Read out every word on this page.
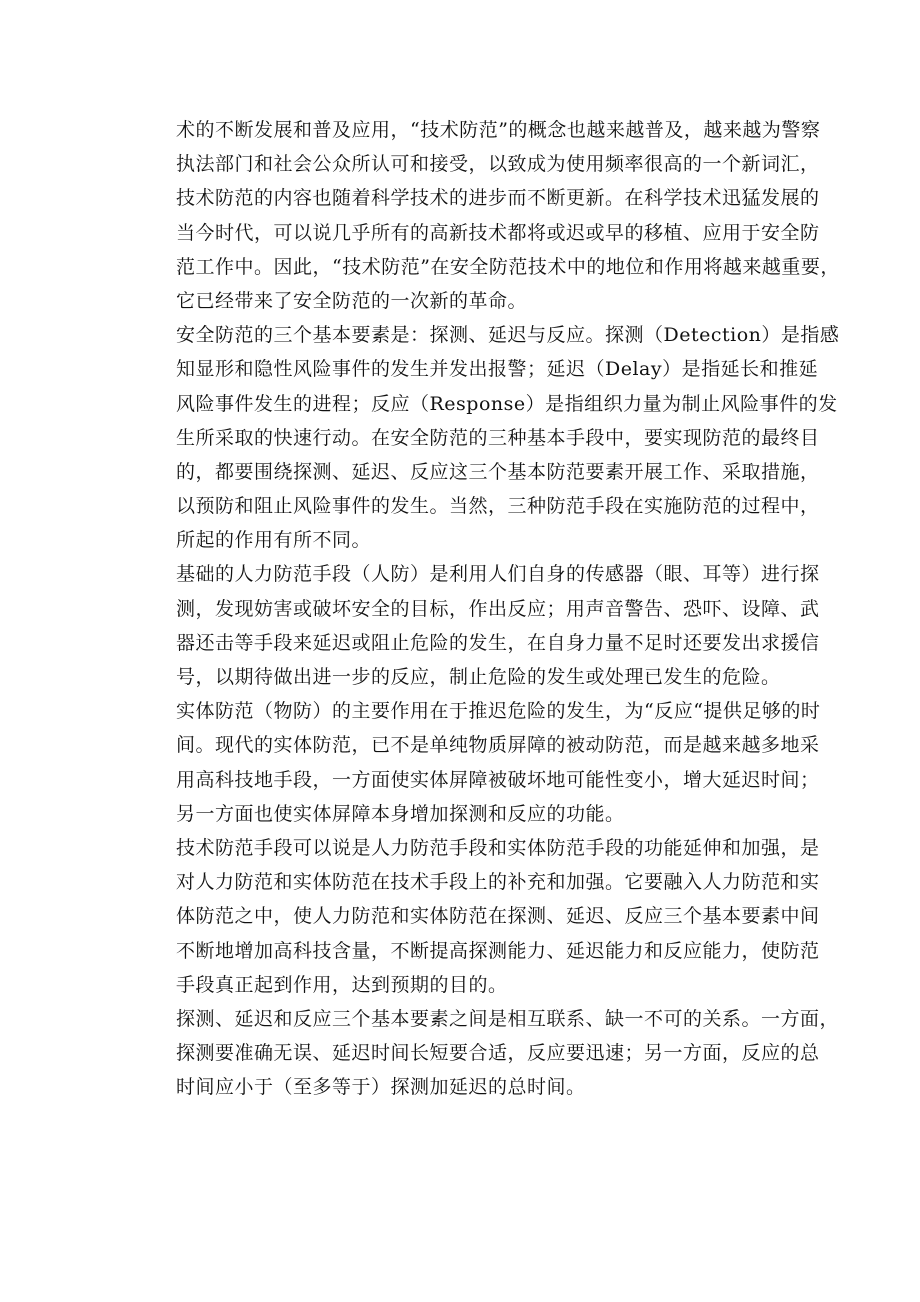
术的不断发展和普及应用，“技术防范”的概念也越来越普及，越来越为警察
执法部门和社会公众所认可和接受，以致成为使用频率很高的一个新词汇，
技术防范的内容也随着科学技术的进步而不断更新。在科学技术迅猛发展的
当今时代，可以说几乎所有的高新技术都将或迟或早的移植、应用于安全防
范工作中。因此，“技术防范”在安全防范技术中的地位和作用将越来越重要，
它已经带来了安全防范的一次新的革命。
安全防范的三个基本要素是：探测、延迟与反应。探测（Detection）是指感
知显形和隐性风险事件的发生并发出报警；延迟（Delay）是指延长和推延
风险事件发生的进程；反应（Response）是指组织力量为制止风险事件的发
生所采取的快速行动。在安全防范的三种基本手段中，要实现防范的最终目
的，都要围绕探测、延迟、反应这三个基本防范要素开展工作、采取措施，
以预防和阻止风险事件的发生。当然，三种防范手段在实施防范的过程中，
所起的作用有所不同。
基础的人力防范手段（人防）是利用人们自身的传感器（眼、耳等）进行探
测，发现妨害或破坏安全的目标，作出反应；用声音警告、恐吓、设障、武
器还击等手段来延迟或阻止危险的发生，在自身力量不足时还要发出求援信
号，以期待做出进一步的反应，制止危险的发生或处理已发生的危险。
实体防范（物防）的主要作用在于推迟危险的发生，为“反应“提供足够的时
间。现代的实体防范，已不是单纯物质屏障的被动防范，而是越来越多地采
用高科技地手段，一方面使实体屏障被破坏地可能性变小，增大延迟时间；
另一方面也使实体屏障本身增加探测和反应的功能。
技术防范手段可以说是人力防范手段和实体防范手段的功能延伸和加强，是
对人力防范和实体防范在技术手段上的补充和加强。它要融入人力防范和实
体防范之中，使人力防范和实体防范在探测、延迟、反应三个基本要素中间
不断地增加高科技含量，不断提高探测能力、延迟能力和反应能力，使防范
手段真正起到作用，达到预期的目的。
探测、延迟和反应三个基本要素之间是相互联系、缺一不可的关系。一方面，
探测要准确无误、延迟时间长短要合适，反应要迅速；另一方面，反应的总
时间应小于（至多等于）探测加延迟的总时间。
